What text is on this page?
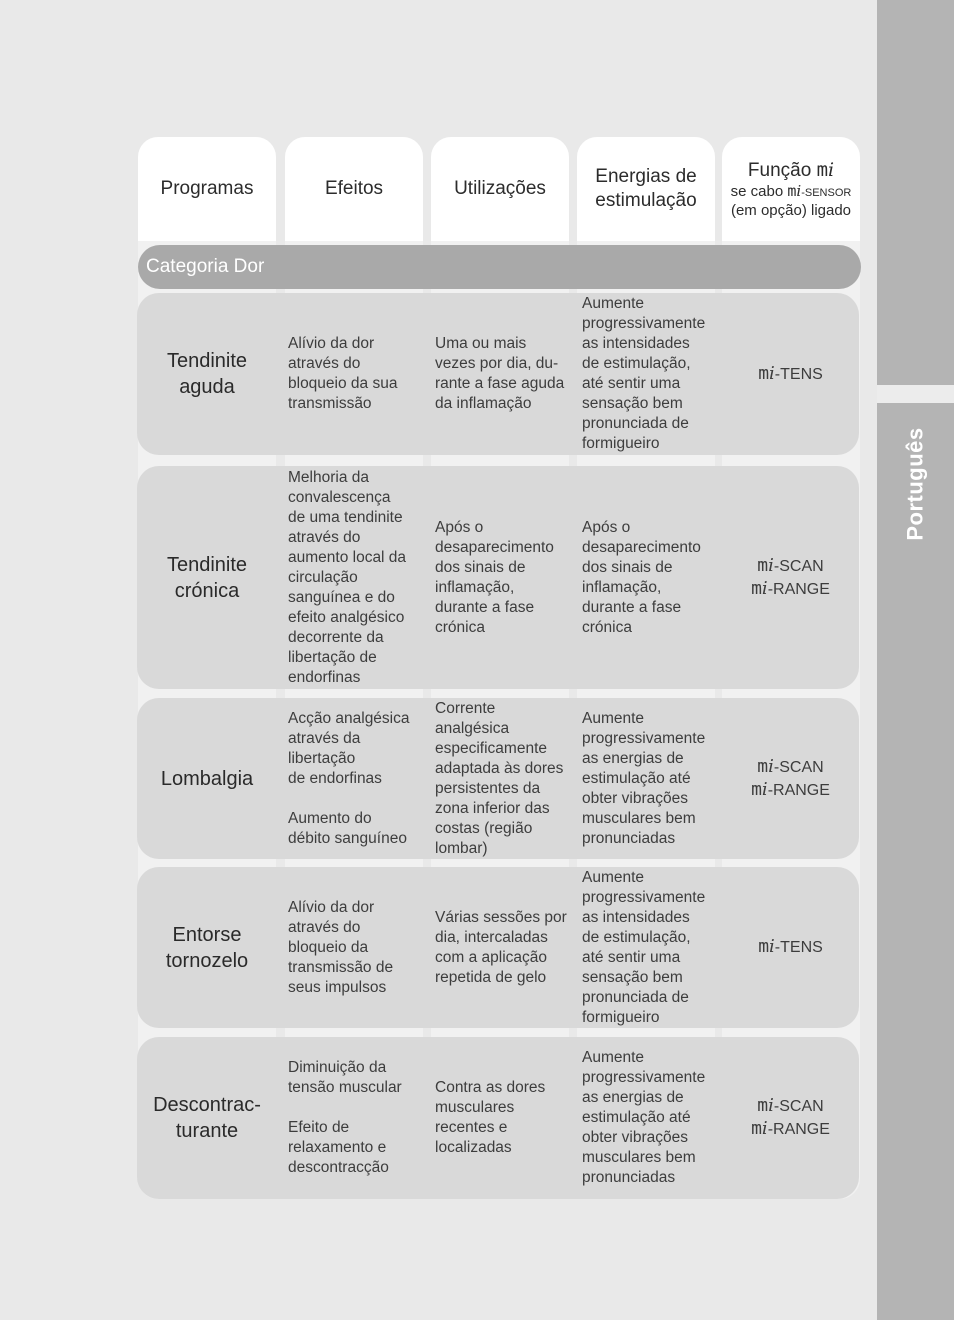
Português
Programas	Efeitos	Utilizações
Energias de
estimulação
Função mi
se cabo mi-SENSOR
(em opção) ligado
Categoria Dor
Tendinite
aguda
Alívio da dor
através do
bloqueio da sua
transmissão
Uma ou mais
vezes por dia, du-
rante a fase aguda
da inflamação
Aumente
progressivamente
as intensidades
de estimulação,
até sentir uma
sensação bem
pronunciada de
formigueiro
mi-TENS
Tendinite
crónica
Melhoria da
convalescença
de uma tendinite
através do
aumento local da
circulação
sanguínea e do
efeito analgésico
decorrente da
libertação de
endorfinas
Após o
desaparecimento
dos sinais de
inflamação,
durante a fase
crónica
Após o
desaparecimento
dos sinais de
inflamação,
durante a fase
crónica
mi-SCAN
mi-RANGE
Lombalgia
Acção analgésica
através da
libertação
de endorfinas

Aumento do
débito sanguíneo
Corrente
analgésica
especificamente
adaptada às dores
persistentes da
zona inferior das
costas (região
lombar)
Aumente
progressivamente
as energias de
estimulação até
obter vibrações
musculares bem
pronunciadas
mi-SCAN
mi-RANGE
Entorse
tornozelo
Alívio da dor
através do
bloqueio da
transmissão de
seus impulsos
Várias sessões por
dia, intercaladas
com a aplicação
repetida de gelo
Aumente
progressivamente
as intensidades
de estimulação,
até sentir uma
sensação bem
pronunciada de
formigueiro
mi-TENS
Descontrac-
turante
Diminuição da
tensão muscular

Efeito de
relaxamento e
descontracção
Contra as dores
musculares
recentes e
localizadas
Aumente
progressivamente
as energias de
estimulação até
obter vibrações
musculares bem
pronunciadas
mi-SCAN
mi-RANGE
